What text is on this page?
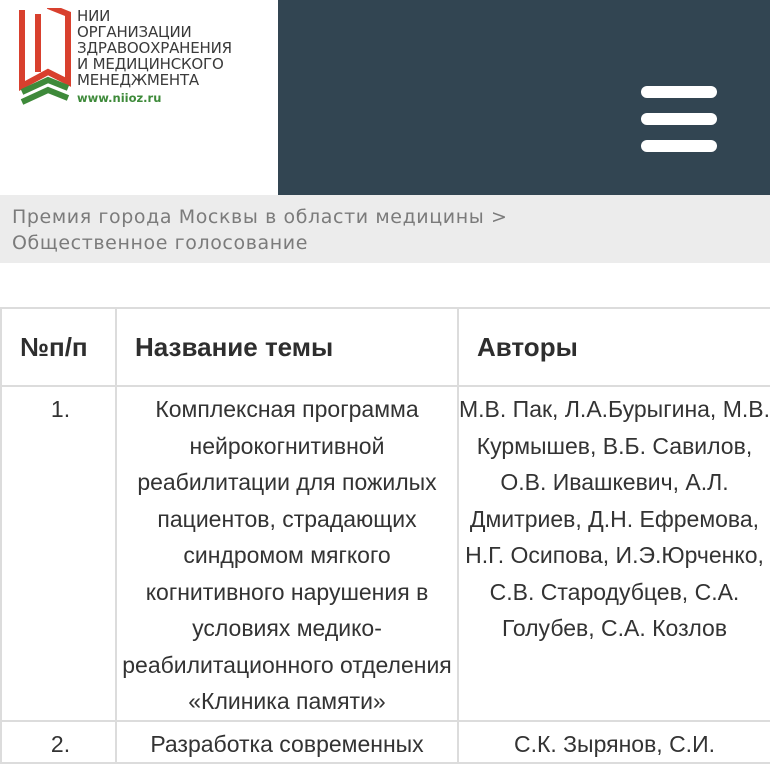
НИИ
ОРГАНИЗАЦИИ
ЗДРАВООХРАНЕНИЯ
И МЕДИЦИНСКОГО
МЕНЕДЖМЕНТА
www.niioz.ru
Премия города Москвы в области медицины >
Общественное голосование
№п/п	Название темы	Авторы
1.	Комплексная программа нейрокогнитивной реабилитации для пожилых пациентов, страдающих синдромом мягкого когнитивного нарушения в условиях медико-реабилитационного отделения «Клиника памяти»	М.В. Пак, Л.А.Бурыгина, М.В. Курмышев, В.Б. Савилов, О.В. Ивашкевич, А.Л. Дмитриев, Д.Н. Ефремова, Н.Г. Осипова, И.Э.Юрченко, С.В. Стародубцев, С.А. Голубев, С.А. Козлов
2.	Разработка современных	С.К. Зырянов, С.И.
